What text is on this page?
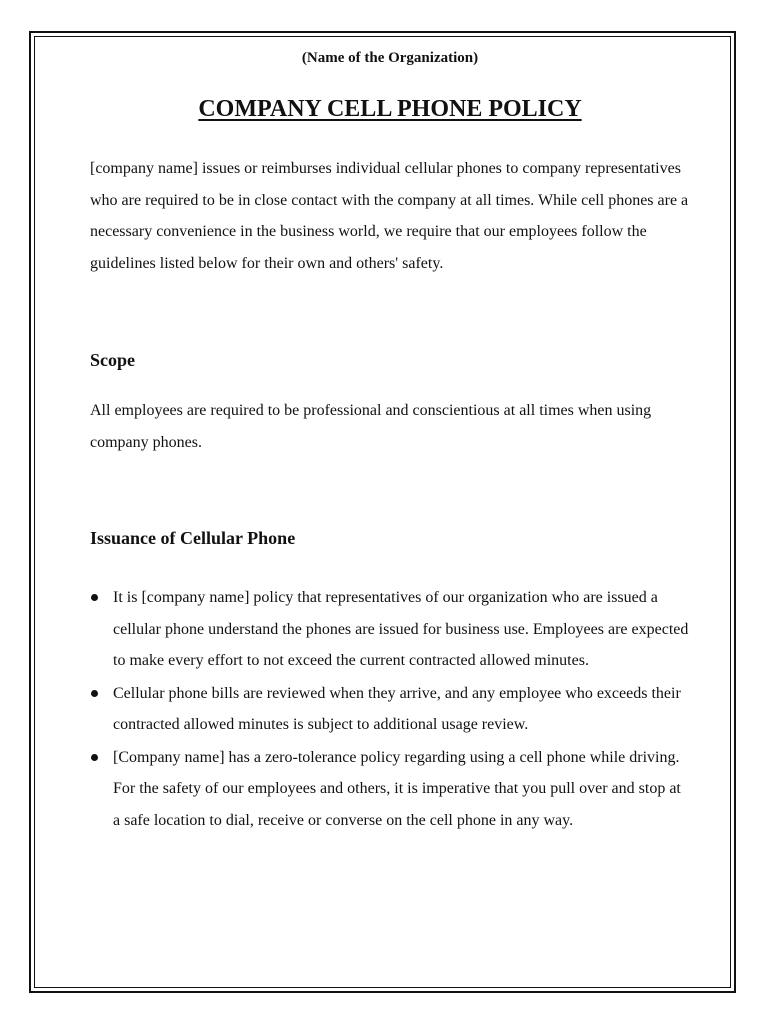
(Name of the Organization)

COMPANY CELL PHONE POLICY

[company name] issues or reimburses individual cellular phones to company representatives who are required to be in close contact with the company at all times. While cell phones are a necessary convenience in the business world, we require that our employees follow the guidelines listed below for their own and others' safety.

Scope

All employees are required to be professional and conscientious at all times when using company phones.

Issuance of Cellular Phone
It is [company name] policy that representatives of our organization who are issued a cellular phone understand the phones are issued for business use. Employees are expected to make every effort to not exceed the current contracted allowed minutes.
Cellular phone bills are reviewed when they arrive, and any employee who exceeds their contracted allowed minutes is subject to additional usage review.
[Company name] has a zero-tolerance policy regarding using a cell phone while driving. For the safety of our employees and others, it is imperative that you pull over and stop at a safe location to dial, receive or converse on the cell phone in any way.
